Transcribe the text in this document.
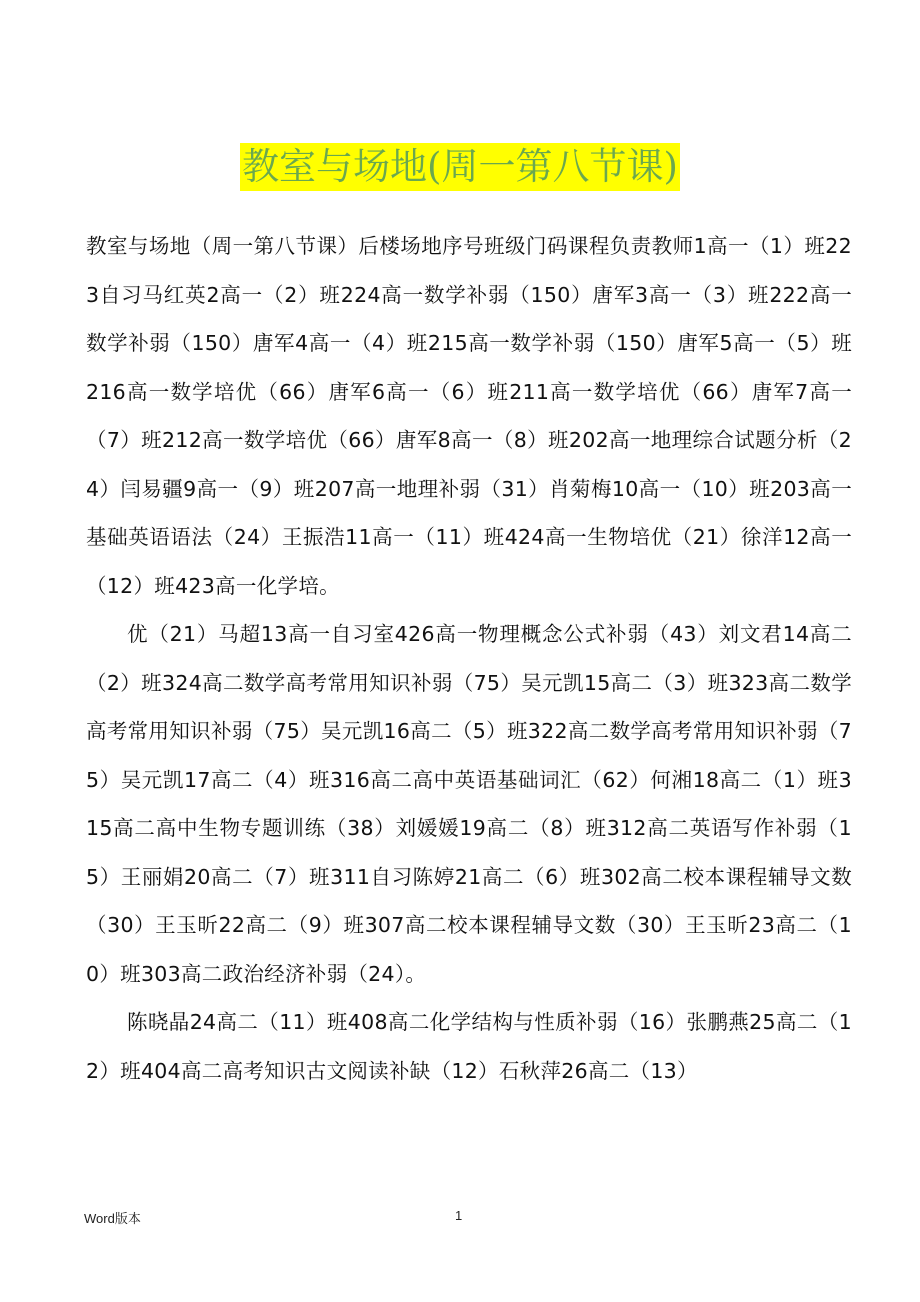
教室与场地(周一第八节课)

教室与场地（周一第八节课）后楼场地序号班级门码课程负责教师1高一（1）班223自习马红英2高一（2）班224高一数学补弱（150）唐军3高一（3）班222高一数学补弱（150）唐军4高一（4）班215高一数学补弱（150）唐军5高一（5）班216高一数学培优（66）唐军6高一（6）班211高一数学培优（66）唐军7高一（7）班212高一数学培优（66）唐军8高一（8）班202高一地理综合试题分析（24）闫易疆9高一（9）班207高一地理补弱（31）肖菊梅10高一（10）班203高一基础英语语法（24）王振浩11高一（11）班424高一生物培优（21）徐洋12高一（12）班423高一化学培。

优（21）马超13高一自习室426高一物理概念公式补弱（43）刘文君14高二（2）班324高二数学高考常用知识补弱（75）吴元凯15高二（3）班323高二数学高考常用知识补弱（75）吴元凯16高二（5）班322高二数学高考常用知识补弱（75）吴元凯17高二（4）班316高二高中英语基础词汇（62）何湘18高二（1）班315高二高中生物专题训练（38）刘媛媛19高二（8）班312高二英语写作补弱（15）王丽娟20高二（7）班311自习陈婷21高二（6）班302高二校本课程辅导文数（30）王玉昕22高二（9）班307高二校本课程辅导文数（30）王玉昕23高二（10）班303高二政治经济补弱（24）。

陈晓晶24高二（11）班408高二化学结构与性质补弱（16）张鹏燕25高二（12）班404高二高考知识古文阅读补缺（12）石秋萍26高二（13）

Word版本	1
